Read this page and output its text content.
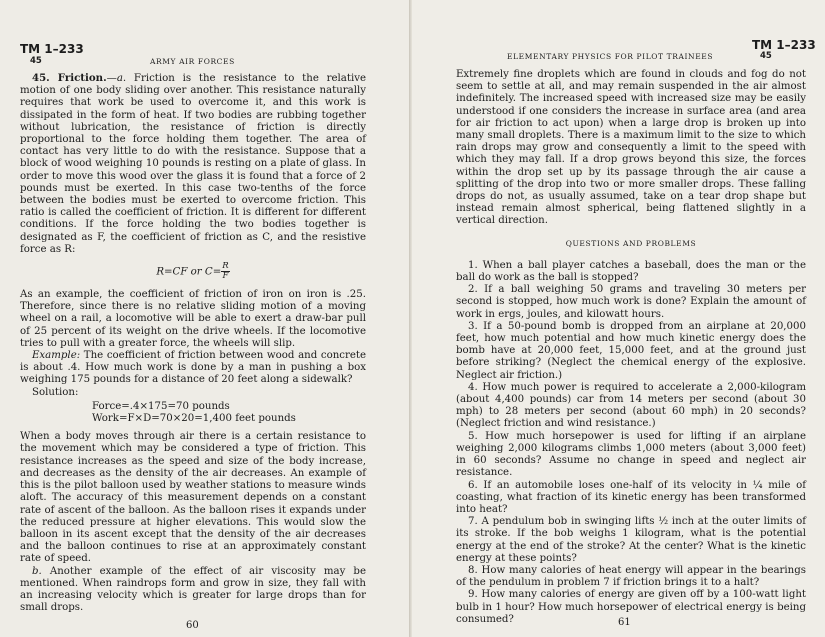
TM 1–233
45	ARMY AIR FORCES

45. Friction.—a. Friction is the resistance to the relative motion of one body sliding over another. This resistance naturally requires that work be used to overcome it, and this work is dissipated in the form of heat. If two bodies are rubbing together without lubrication, the resistance of friction is directly proportional to the force holding them together. The area of contact has very little to do with the resistance. Suppose that a block of wood weighing 10 pounds is resting on a plate of glass. In order to move this wood over the glass it is found that a force of 2 pounds must be exerted. In this case two-tenths of the force between the bodies must be exerted to overcome friction. This ratio is called the coefficient of friction. It is different for different conditions. If the force holding the two bodies together is designated as F, the coefficient of friction as C, and the resistive force as R:

R=CF or $C= \frac{R}{F}$

As an example, the coefficient of friction of iron on iron is .25. Therefore, since there is no relative sliding motion of a moving wheel on a rail, a locomotive will be able to exert a draw-bar pull of 25 percent of its weight on the drive wheels. If the locomotive tries to pull with a greater force, the wheels will slip.

Example: The coefficient of friction between wood and concrete is about .4. How much work is done by a man in pushing a box weighing 175 pounds for a distance of 20 feet along a sidewalk?

Solution:

Force=.4×175=70 pounds
Work=F×D=70×20=1,400 feet pounds

When a body moves through air there is a certain resistance to the movement which may be considered a type of friction. This resistance increases as the speed and size of the body increase, and decreases as the density of the air decreases. An example of this is the pilot balloon used by weather stations to measure winds aloft. The accuracy of this measurement depends on a constant rate of ascent of the balloon. As the balloon rises it expands under the reduced pressure at higher elevations. This would slow the balloon in its ascent except that the density of the air decreases and the balloon continues to rise at an approximately constant rate of speed.

b. Another example of the effect of air viscosity may be mentioned. When raindrops form and grow in size, they fall with an increasing velocity which is greater for large drops than for small drops.

60
TM 1–233
ELEMENTARY PHYSICS FOR PILOT TRAINEES	45

Extremely fine droplets which are found in clouds and fog do not seem to settle at all, and may remain suspended in the air almost indefinitely. The increased speed with increased size may be easily understood if one considers the increase in surface area (and area for air friction to act upon) when a large drop is broken up into many small droplets. There is a maximum limit to the size to which rain drops may grow and consequently a limit to the speed with which they may fall. If a drop grows beyond this size, the forces within the drop set up by its passage through the air cause a splitting of the drop into two or more smaller drops. These falling drops do not, as usually assumed, take on a tear drop shape but instead remain almost spherical, being flattened slightly in a vertical direction.

QUESTIONS AND PROBLEMS

1. When a ball player catches a baseball, does the man or the ball do work as the ball is stopped?

2. If a ball weighing 50 grams and traveling 30 meters per second is stopped, how much work is done? Explain the amount of work in ergs, joules, and kilowatt hours.

3. If a 50-pound bomb is dropped from an airplane at 20,000 feet, how much potential and how much kinetic energy does the bomb have at 20,000 feet, 15,000 feet, and at the ground just before striking? (Neglect the chemical energy of the explosive. Neglect air friction.)

4. How much power is required to accelerate a 2,000-kilogram (about 4,400 pounds) car from 14 meters per second (about 30 mph) to 28 meters per second (about 60 mph) in 20 seconds? (Neglect friction and wind resistance.)

5. How much horsepower is used for lifting if an airplane weighing 2,000 kilograms climbs 1,000 meters (about 3,000 feet) in 60 seconds? Assume no change in speed and neglect air resistance.

6. If an automobile loses one-half of its velocity in ¼ mile of coasting, what fraction of its kinetic energy has been transformed into heat?

7. A pendulum bob in swinging lifts ½ inch at the outer limits of its stroke. If the bob weighs 1 kilogram, what is the potential energy at the end of the stroke? At the center? What is the kinetic energy at these points?

8. How many calories of heat energy will appear in the bearings of the pendulum in problem 7 if friction brings it to a halt?

9. How many calories of energy are given off by a 100-watt light bulb in 1 hour? How much horsepower of electrical energy is being consumed?	61
